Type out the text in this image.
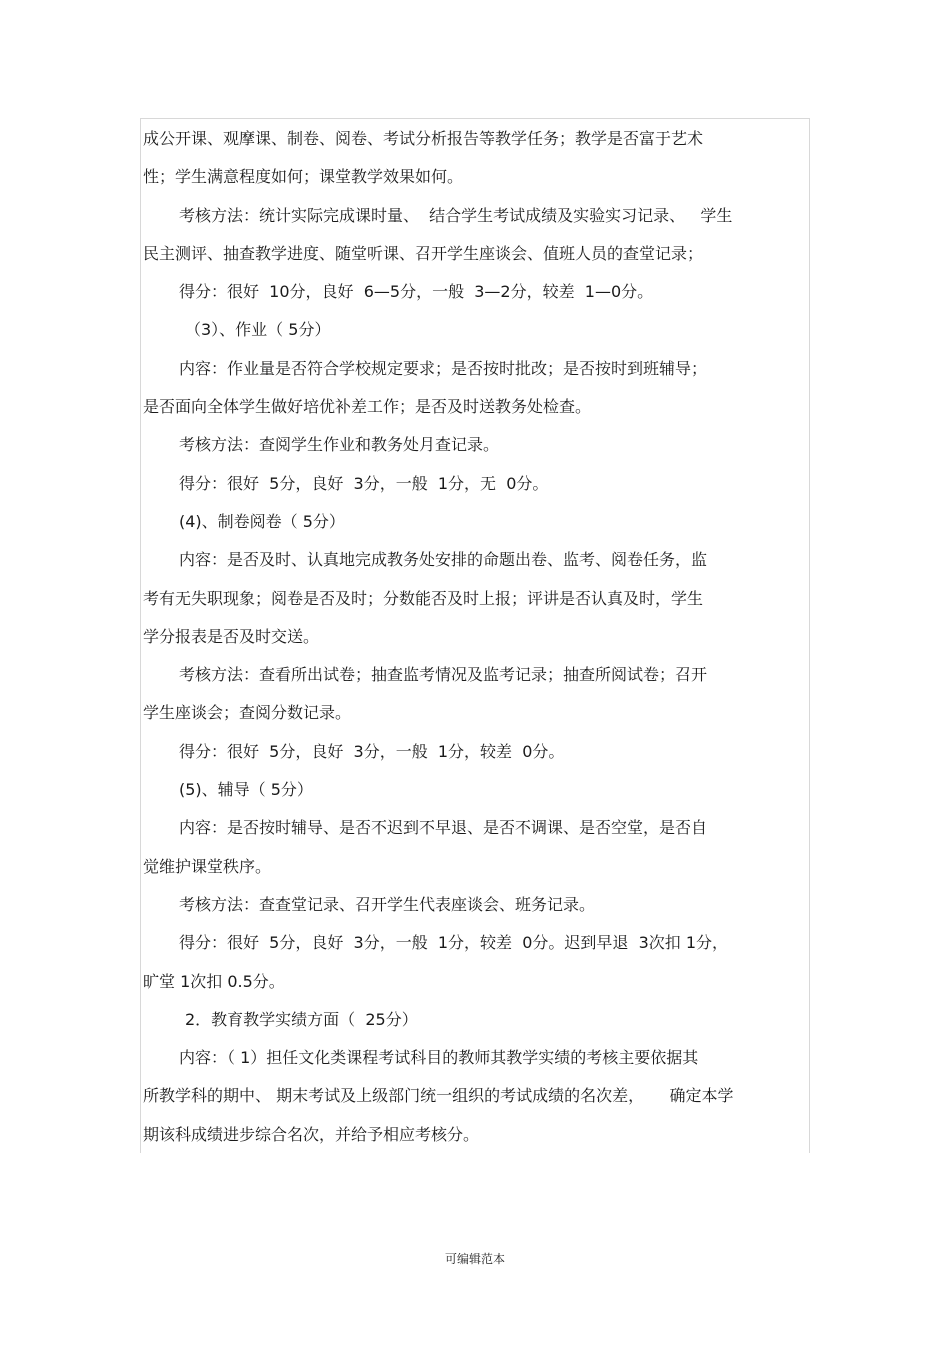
成公开课、观摩课、制卷、阅卷、考试分析报告等教学任务；教学是否富于艺术
性；学生满意程度如何；课堂教学效果如何。
考核方法：统计实际完成课时量、  结合学生考试成绩及实验实习记录、   学生
民主测评、抽查教学进度、随堂听课、召开学生座谈会、值班人员的查堂记录；
得分：很好  10分，良好  6—5分，一般  3—2分，较差  1—0分。
（3）、作业（ 5分）
内容：作业量是否符合学校规定要求；是否按时批改；是否按时到班辅导；
是否面向全体学生做好培优补差工作；是否及时送教务处检查。
考核方法：查阅学生作业和教务处月查记录。
得分：很好  5分，良好  3分，一般  1分，无  0分。
(4)、制卷阅卷（ 5分）
内容：是否及时、认真地完成教务处安排的命题出卷、监考、阅卷任务，监
考有无失职现象；阅卷是否及时；分数能否及时上报；评讲是否认真及时，学生
学分报表是否及时交送。
考核方法：查看所出试卷；抽查监考情况及监考记录；抽查所阅试卷；召开
学生座谈会；查阅分数记录。
得分：很好  5分，良好  3分，一般  1分，较差  0分。
(5)、辅导（ 5分）
内容：是否按时辅导、是否不迟到不早退、是否不调课、是否空堂，是否自
觉维护课堂秩序。
考核方法：查查堂记录、召开学生代表座谈会、班务记录。
得分：很好  5分，良好  3分，一般  1分，较差  0分。迟到早退  3次扣 1分，
旷堂 1次扣 0.5分。
2．教育教学实绩方面（  25分）
内容：（ 1）担任文化类课程考试科目的教师其教学实绩的考核主要依据其
所教学科的期中、 期末考试及上级部门统一组织的考试成绩的名次差，     确定本学
期该科成绩进步综合名次，并给予相应考核分。
可编辑范本
